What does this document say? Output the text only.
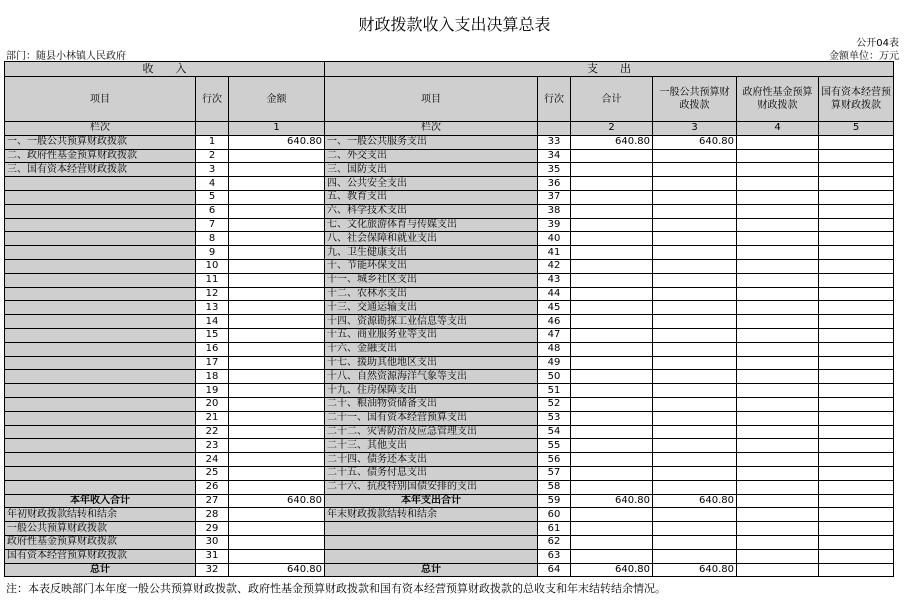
财政拨款收入支出决算总表
公开04表
部门：随县小林镇人民政府	金额单位：万元
收　　入			支　　出					
项目	行次	金额	项目	行次	合计	一般公共预算财政拨款	政府性基金预算财政拨款	国有资本经营预算财政拨款
栏次		1	栏次		2	3	4	5
一、一般公共预算财政拨款	1	640.80	一、一般公共服务支出	33	640.80	640.80		
二、政府性基金预算财政拨款	2		二、外交支出	34				
三、国有资本经营财政拨款	3		三、国防支出	35				
	4		四、公共安全支出	36				
	5		五、教育支出	37				
	6		六、科学技术支出	38				
	7		七、文化旅游体育与传媒支出	39				
	8		八、社会保障和就业支出	40				
	9		九、卫生健康支出	41				
	10		十、节能环保支出	42				
	11		十一、城乡社区支出	43				
	12		十二、农林水支出	44				
	13		十三、交通运输支出	45				
	14		十四、资源勘探工业信息等支出	46				
	15		十五、商业服务业等支出	47				
	16		十六、金融支出	48				
	17		十七、援助其他地区支出	49				
	18		十八、自然资源海洋气象等支出	50				
	19		十九、住房保障支出	51				
	20		二十、粮油物资储备支出	52				
	21		二十一、国有资本经营预算支出	53				
	22		二十二、灾害防治及应急管理支出	54				
	23		二十三、其他支出	55				
	24		二十四、债务还本支出	56				
	25		二十五、债务付息支出	57				
	26		二十六、抗疫特别国债安排的支出	58				
本年收入合计	27	640.80	本年支出合计	59	640.80	640.80		
年初财政拨款结转和结余	28		年末财政拨款结转和结余	60				
一般公共预算财政拨款	29			61				
政府性基金预算财政拨款	30			62				
国有资本经营预算财政拨款	31			63				
总计	32	640.80	总计	64	640.80	640.80		
注：本表反映部门本年度一般公共预算财政拨款、政府性基金预算财政拨款和国有资本经营预算财政拨款的总收支和年末结转结余情况。
